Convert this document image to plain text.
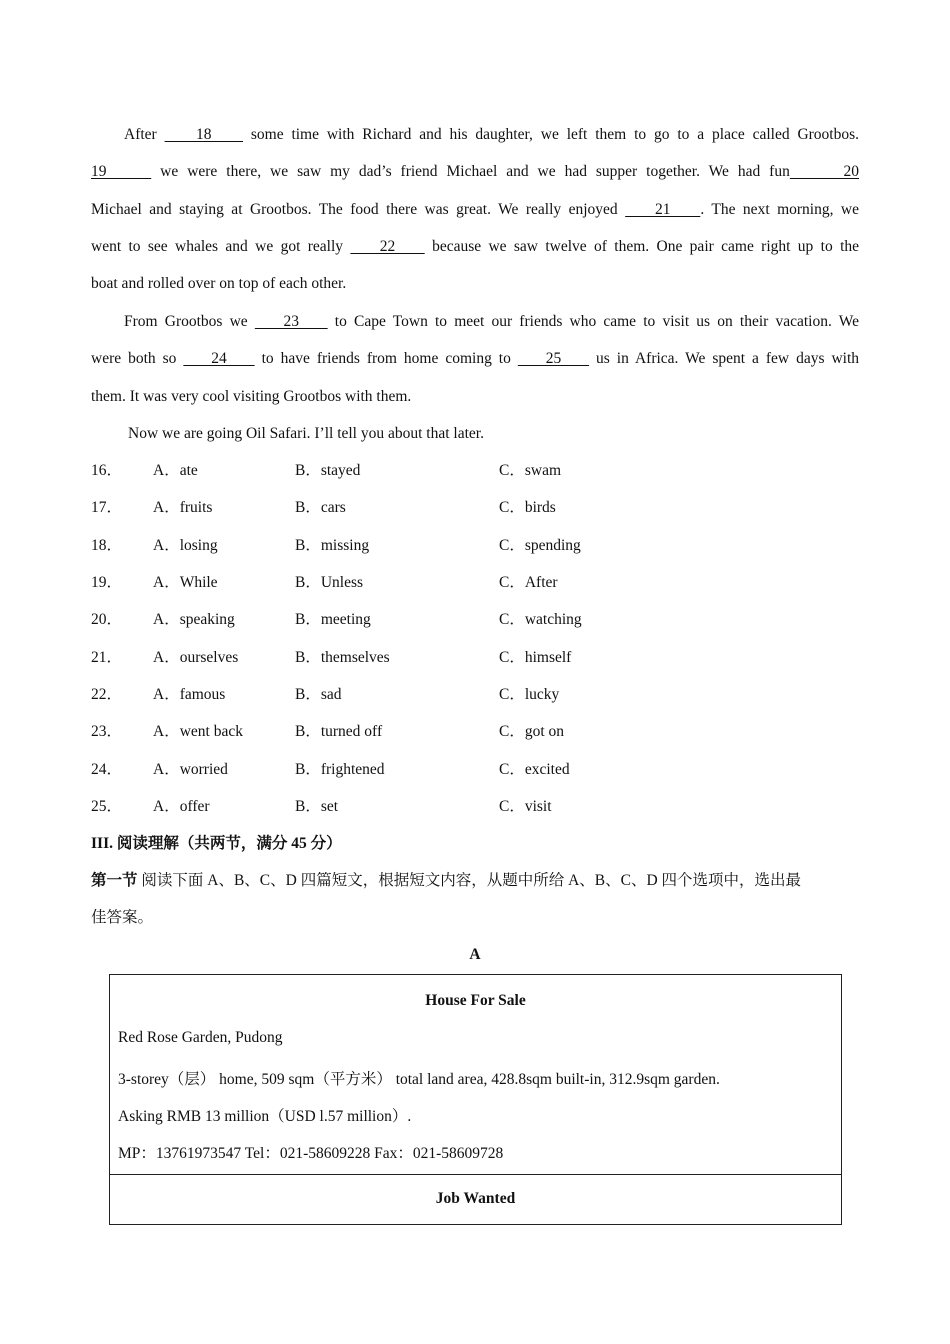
After     18     some time with Richard and his daughter, we left them to go to a place called Grootbos.
19      we were there, we saw my dad’s friend Michael and we had supper together. We had fun      20
Michael and staying at Grootbos. The food there was great. We really enjoyed     21    . The next morning, we
went to see whales and we got really     22     because we saw twelve of them. One pair came right up to the
boat and rolled over on top of each other.
From Grootbos we     23     to Cape Town to meet our friends who came to visit us on their vacation. We
were both so     24     to have friends from home coming to     25     us in Africa. We spent a few days with
them. It was very cool visiting Grootbos with them.
Now we are going Oil Safari. I’ll tell you about that later.
16． A．ate	B．stayed	C．swam
17． A．fruits	B．cars	C．birds
18． A．losing	B．missing	C．spending
19． A．While	B．Unless	C．After
20． A．speaking	B．meeting	C．watching
21． A．ourselves	B．themselves	C．himself
22． A．famous	B．sad	C．lucky
23． A．went back	B．turned off	C．got on
24． A．worried	B．frightened	C．excited
25． A．offer	B．set	C．visit
III. 阅读理解（共两节，满分 45 分）
第一节 阅读下面 A、B、C、D 四篇短文，根据短文内容，从题中所给 A、B、C、D 四个选项中，选出最
佳答案。
A
House For Sale
Red Rose Garden, Pudong
3-storey（层） home, 509 sqm（平方米） total land area, 428.8sqm built-in, 312.9sqm garden.
Asking RMB 13 million（USD l.57 million）.
MP：13761973547 Tel：021-58609228 Fax：021-58609728
Job Wanted
